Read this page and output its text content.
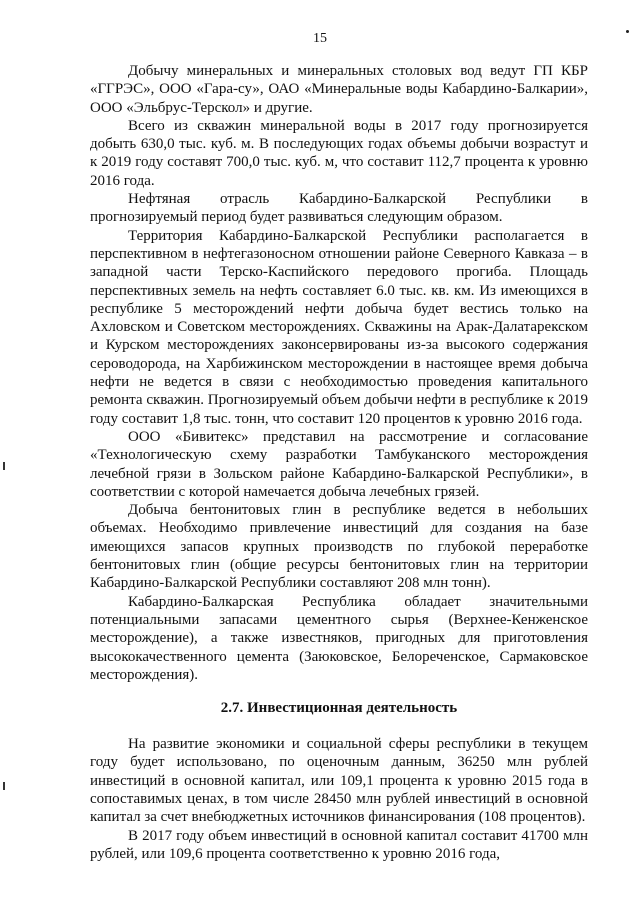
15

Добычу минеральных и минеральных столовых вод ведут ГП КБР «ГГРЭС», ООО «Гара-су», ОАО «Минеральные воды Кабардино-Балкарии», ООО «Эльбрус-Терскол» и другие.

Всего из скважин минеральной воды в 2017 году прогнозируется добыть 630,0 тыс. куб. м. В последующих годах объемы добычи возрастут и к 2019 году составят 700,0 тыс. куб. м, что составит 112,7 процента к уровню 2016 года.

Нефтяная отрасль Кабардино-Балкарской Республики в прогнозируемый период будет развиваться следующим образом.

Территория Кабардино-Балкарской Республики располагается в перспективном в нефтегазоносном отношении районе Северного Кавказа – в западной части Терско-Каспийского передового прогиба. Площадь перспективных земель на нефть составляет 6.0 тыс. кв. км. Из имеющихся в республике 5 месторождений нефти добыча будет вестись только на Ахловском и Советском месторождениях. Скважины на Арак-Далатарекском и Курском месторождениях законсервированы из-за высокого содержания сероводорода, на Харбижинском месторождении в настоящее время добыча нефти не ведется в связи с необходимостью проведения капитального ремонта скважин. Прогнозируемый объем добычи нефти в республике к 2019 году составит 1,8 тыс. тонн, что составит 120 процентов к уровню 2016 года.

ООО «Бивитекс» представил на рассмотрение и согласование «Технологическую схему разработки Тамбуканского месторождения лечебной грязи в Зольском районе Кабардино-Балкарской Республики», в соответствии с которой намечается добыча лечебных грязей.

Добыча бентонитовых глин в республике ведется в небольших объемах. Необходимо привлечение инвестиций для создания на базе имеющихся запасов крупных производств по глубокой переработке бентонитовых глин (общие ресурсы бентонитовых глин на территории Кабардино-Балкарской Республики составляют 208 млн тонн).

Кабардино-Балкарская Республика обладает значительными потенциальными запасами цементного сырья (Верхнее-Кенженское месторождение), а также известняков, пригодных для приготовления высококачественного цемента (Заюковское, Белореченское, Сармаковское месторождения).

2.7. Инвестиционная деятельность

На развитие экономики и социальной сферы республики в текущем году будет использовано, по оценочным данным, 36250 млн рублей инвестиций в основной капитал, или 109,1 процента к уровню 2015 года в сопоставимых ценах, в том числе 28450 млн рублей инвестиций в основной капитал за счет внебюджетных источников финансирования (108 процентов).

В 2017 году объем инвестиций в основной капитал составит 41700 млн рублей, или 109,6 процента соответственно к уровню 2016 года,
